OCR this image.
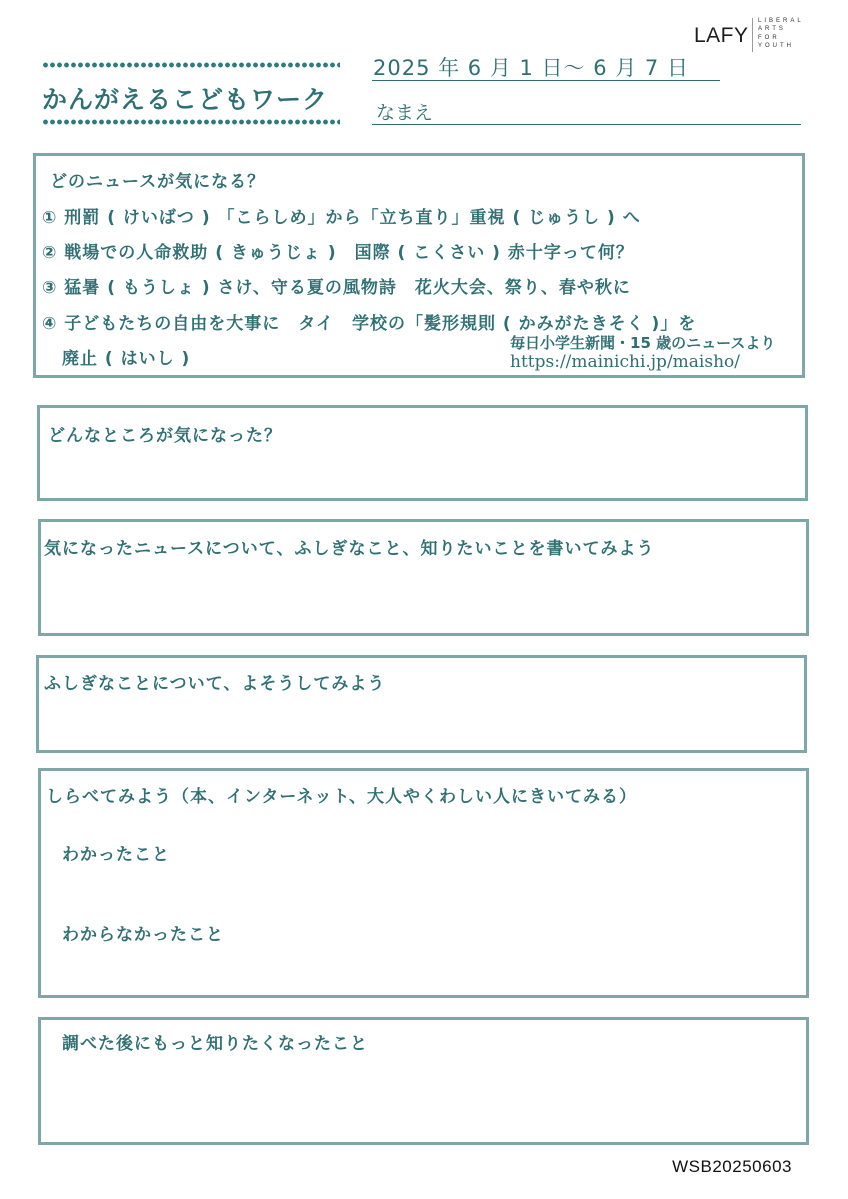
かんがえるこどもワーク
2025 年 6 月 1 日～ 6 月 7 日
なまえ
LAFY
LIBERAL
ARTS
FOR
YOUTH
どのニュースが気になる？
① 刑罰 ( けいばつ ) 「こらしめ」から「立ち直り」重視 ( じゅうし ) へ
② 戦場での人命救助 ( きゅうじょ )　国際 ( こくさい ) 赤十字って何？
③ 猛暑 ( もうしょ ) さけ、守る夏の風物詩　花火大会、祭り、春や秋に
④ 子どもたちの自由を大事に　タイ　学校の「髪形規則 ( かみがたきそく )」を
廃止 ( はいし )
毎日小学生新聞・15 歳のニュースより
https://mainichi.jp/maisho/
どんなところが気になった？
気になったニュースについて、ふしぎなこと、知りたいことを書いてみよう
ふしぎなことについて、よそうしてみよう
しらべてみよう（本、インターネット、大人やくわしい人にきいてみる）
わかったこと
わからなかったこと
調べた後にもっと知りたくなったこと
WSB20250603
